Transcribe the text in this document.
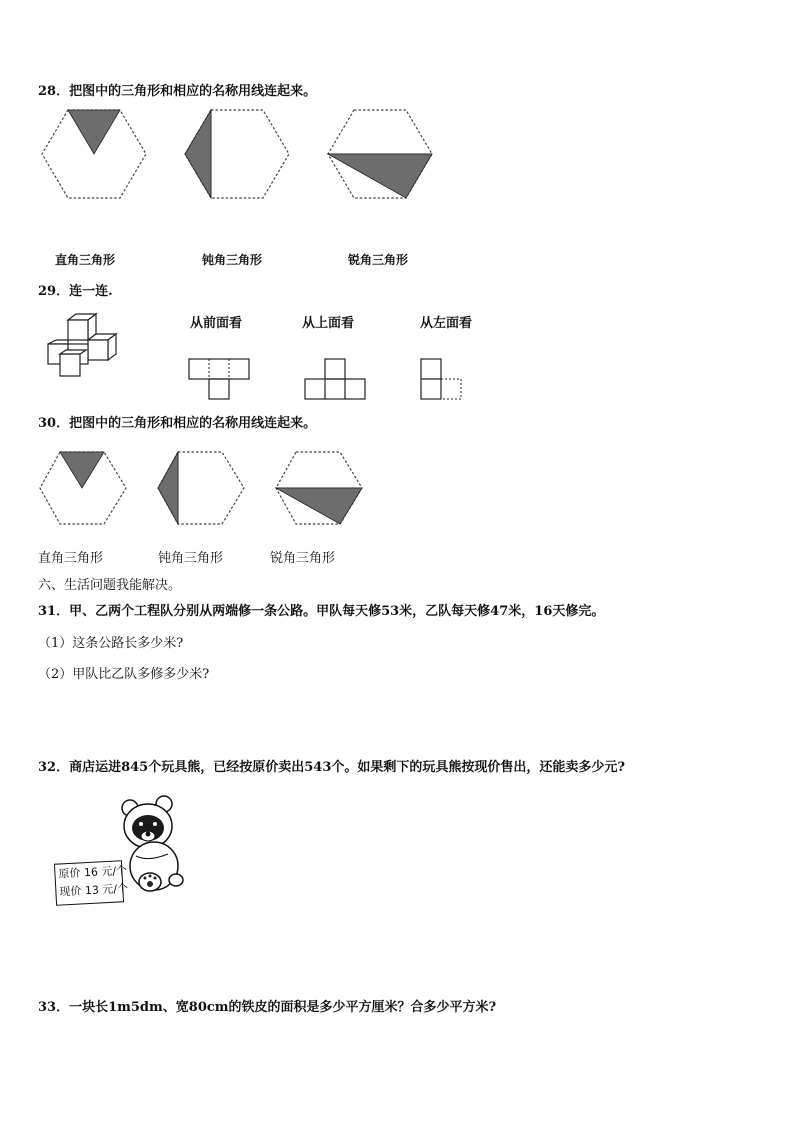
28．把图中的三角形和相应的名称用线连起来。
直角三角形	钝角三角形	锐角三角形
29．连一连.
从前面看	从上面看	从左面看
30．把图中的三角形和相应的名称用线连起来。
直角三角形	钝角三角形	锐角三角形
六、生活问题我能解决。
31．甲、乙两个工程队分别从两端修一条公路。甲队每天修53米，乙队每天修47米，16天修完。
（1）这条公路长多少米?
（2）甲队比乙队多修多少米?
32．商店运进845个玩具熊，已经按原价卖出543个。如果剩下的玩具熊按现价售出，还能卖多少元?
原价 16 元/个
现价 13 元/个
33．一块长1m5dm、宽80cm的铁皮的面积是多少平方厘米？合多少平方米?
